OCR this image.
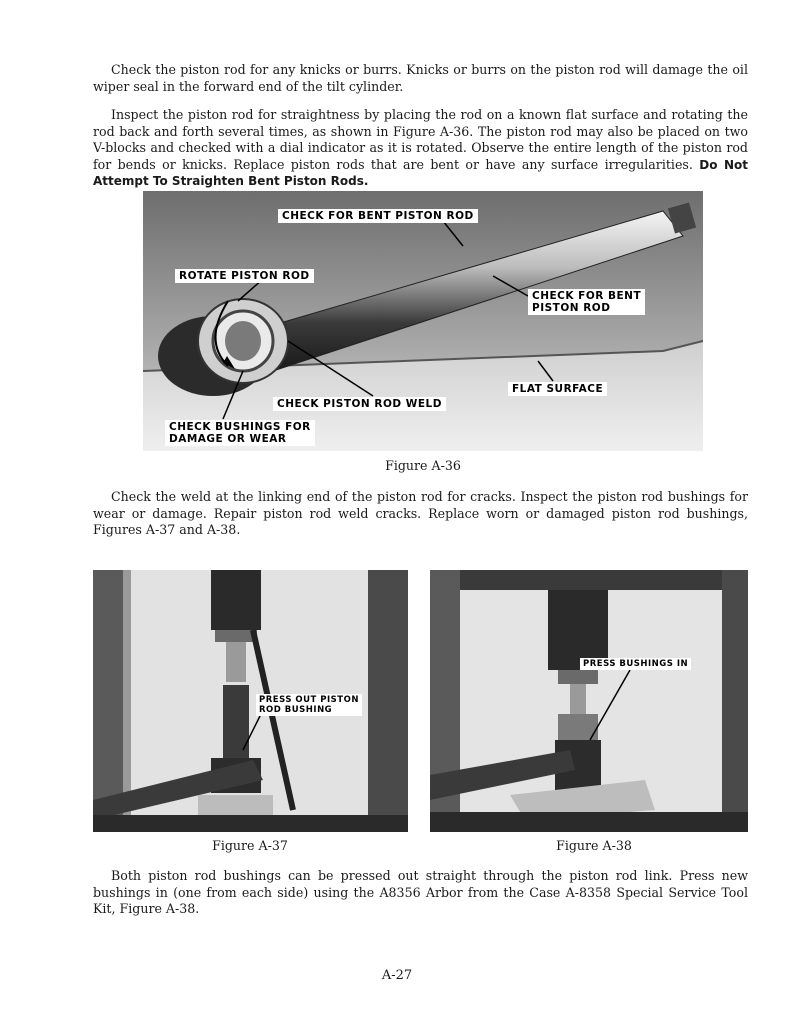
Check the piston rod for any knicks or burrs. Knicks or burrs on the piston rod will damage the oil wiper seal in the forward end of the tilt cylinder.

Inspect the piston rod for straightness by placing the rod on a known flat surface and rotating the rod back and forth several times, as shown in Figure A-36. The piston rod may also be placed on two V-blocks and checked with a dial indicator as it is rotated. Observe the entire length of the piston rod for bends or knicks. Replace piston rods that are bent or have any surface irregularities. Do Not Attempt To Straighten Bent Piston Rods.

CHECK FOR BENT PISTON ROD
ROTATE PISTON ROD
CHECK FOR BENT
PISTON ROD
CHECK PISTON ROD WELD
FLAT SURFACE
CHECK BUSHINGS FOR
DAMAGE OR WEAR
Figure A-36

Check the weld at the linking end of the piston rod for cracks. Inspect the piston rod bushings for wear or damage. Repair piston rod weld cracks. Replace worn or damaged piston rod bushings, Figures A-37 and A-38.

PRESS OUT PISTON
ROD BUSHING
Figure A-37
PRESS BUSHINGS IN
Figure A-38

Both piston rod bushings can be pressed out straight through the piston rod link. Press new bushings in (one from each side) using the A8356 Arbor from the Case A-8358 Special Service Tool Kit, Figure A-38.

A-27
